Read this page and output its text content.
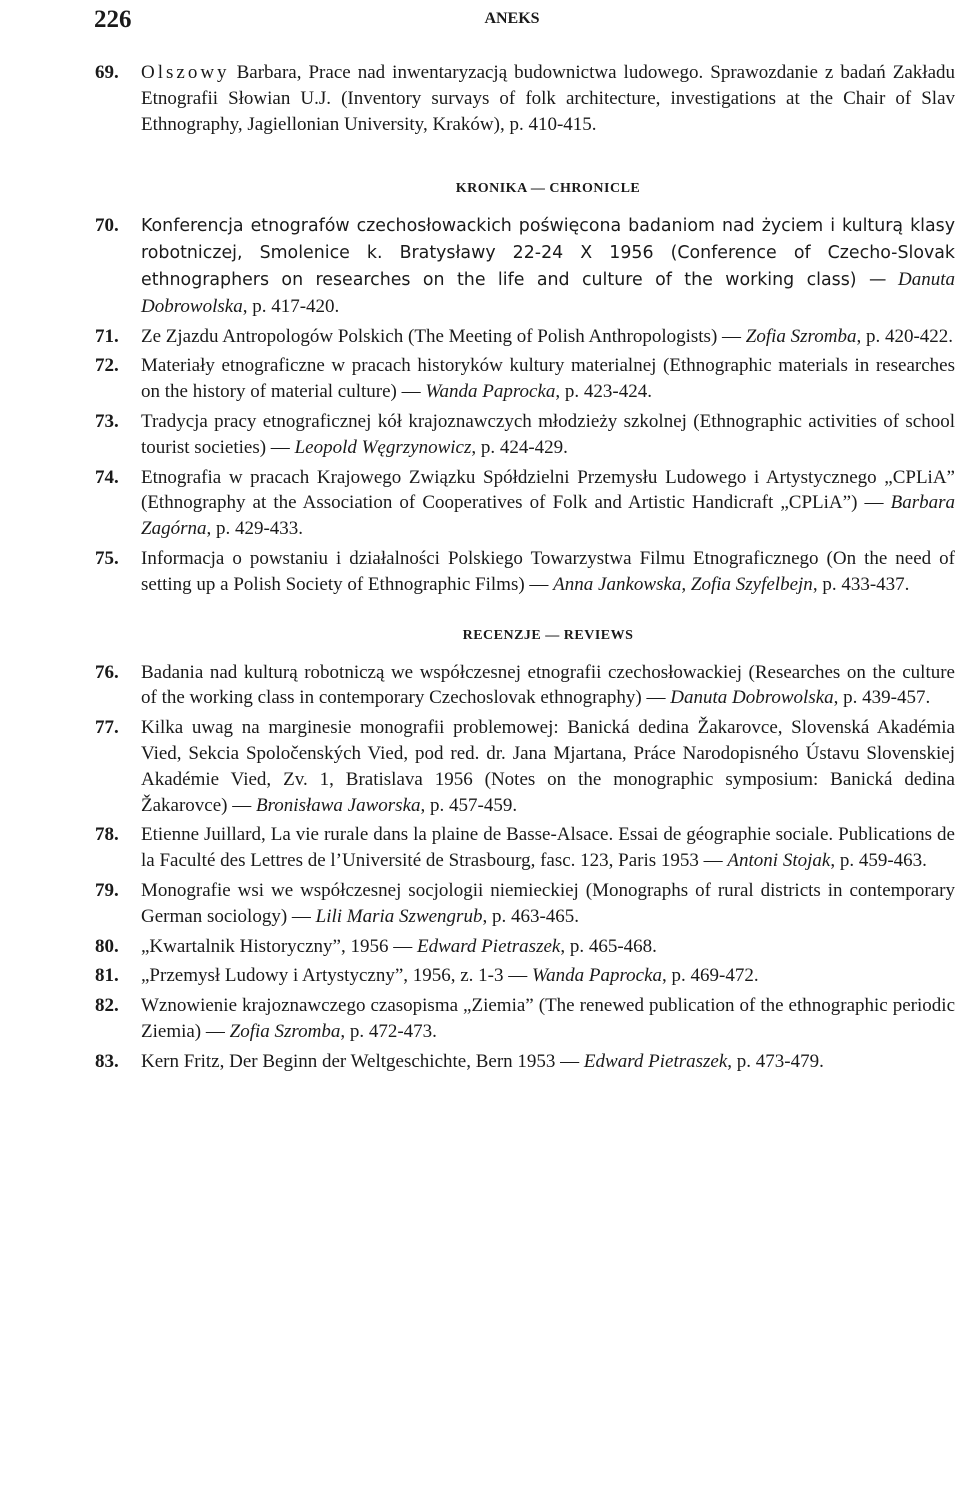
226	ANEKS
69. Olszowy Barbara, Prace nad inwentaryzacją budownictwa ludowego. Sprawozdanie z badań Zakładu Etnografii Słowian U.J. (Inventory survays of folk architecture, investigations at the Chair of Slav Ethnography, Jagiellonian University, Kraków), p. 410-415.
KRONIKA — CHRONICLE
70. Konferencja etnografów czechosłowackich poświęcona badaniom nad życiem i kulturą klasy robotniczej, Smolenice k. Bratysławy 22-24 X 1956 (Conference of Czecho-Slovak ethnographers on researches on the life and culture of the working class) — Danuta Dobrowolska, p. 417-420.
71. Ze Zjazdu Antropologów Polskich (The Meeting of Polish Anthropologists) — Zofia Szromba, p. 420-422.
72. Materiały etnograficzne w pracach historyków kultury materialnej (Ethnographic materials in researches on the history of material culture) — Wanda Paprocka, p. 423-424.
73. Tradycja pracy etnograficznej kół krajoznawczych młodzieży szkolnej (Ethnographic activities of school tourist societies) — Leopold Węgrzynowicz, p. 424-429.
74. Etnografia w pracach Krajowego Związku Spółdzielni Przemysłu Ludowego i Artystycznego „CPLiA” (Ethnography at the Association of Cooperatives of Folk and Artistic Handicraft „CPLiA”) — Barbara Zagórna, p. 429-433.
75. Informacja o powstaniu i działalności Polskiego Towarzystwa Filmu Etnograficznego (On the need of setting up a Polish Society of Ethnographic Films) — Anna Jankowska, Zofia Szyfelbejn, p. 433-437.
RECENZJE — REVIEWS
76. Badania nad kulturą robotniczą we współczesnej etnografii czechosłowackiej (Researches on the culture of the working class in contemporary Czechoslovak ethnography) — Danuta Dobrowolska, p. 439-457.
77. Kilka uwag na marginesie monografii problemowej: Banická dedina Žakarovce, Slovenská Akadémia Vied, Sekcia Spoločenských Vied, pod red. dr. Jana Mjartana, Práce Narodopisného Ústavu Slovenskiej Akadémie Vied, Zv. 1, Bratislava 1956 (Notes on the monographic symposium: Banická dedina Žakarovce) — Bronisława Jaworska, p. 457-459.
78. Etienne Juillard, La vie rurale dans la plaine de Basse-Alsace. Essai de géographie sociale. Publications de la Faculté des Lettres de l’Université de Strasbourg, fasc. 123, Paris 1953 — Antoni Stojak, p. 459-463.
79. Monografie wsi we współczesnej socjologii niemieckiej (Monographs of rural districts in contemporary German sociology) — Lili Maria Szwengrub, p. 463-465.
80. „Kwartalnik Historyczny”, 1956 — Edward Pietraszek, p. 465-468.
81. „Przemysł Ludowy i Artystyczny”, 1956, z. 1-3 — Wanda Paprocka, p. 469-472.
82. Wznowienie krajoznawczego czasopisma „Ziemia” (The renewed publication of the ethnographic periodic Ziemia) — Zofia Szromba, p. 472-473.
83. Kern Fritz, Der Beginn der Weltgeschichte, Bern 1953 — Edward Pietraszek, p. 473-479.
